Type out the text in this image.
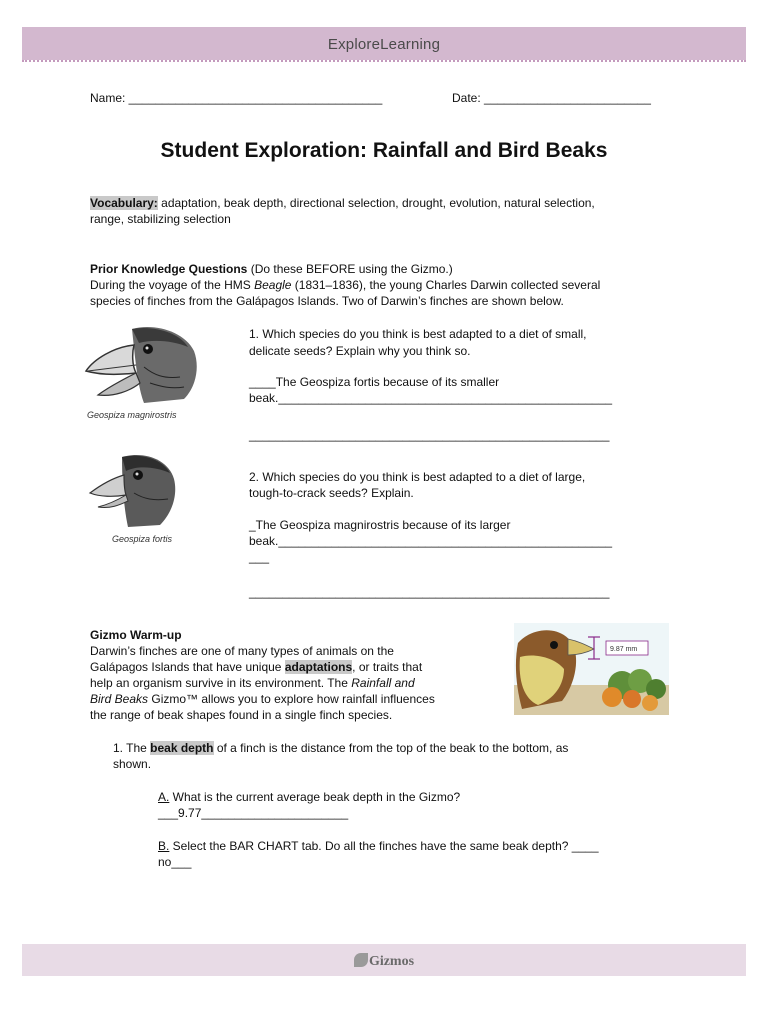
ExploreLearning
Name: ______________________________________	Date: _________________________
Student Exploration: Rainfall and Bird Beaks
Vocabulary: adaptation, beak depth, directional selection, drought, evolution, natural selection,
range, stabilizing selection
Prior Knowledge Questions (Do these BEFORE using the Gizmo.)
During the voyage of the HMS Beagle (1831–1836), the young Charles Darwin collected several
species of finches from the Galápagos Islands. Two of Darwin’s finches are shown below.
Geospiza magnirostris
1. Which species do you think is best adapted to a diet of small,
delicate seeds? Explain why you think so.
____The Geospiza fortis because of its smaller
beak.__________________________________________________
______________________________________________________
Geospiza fortis
2. Which species do you think is best adapted to a diet of large,
tough-to-crack seeds? Explain.
_The Geospiza magnirostris because of its larger
beak.__________________________________________________
___
______________________________________________________
Gizmo Warm-up
Darwin’s finches are one of many types of animals on the
Galápagos Islands that have unique adaptations, or traits that
help an organism survive in its environment. The Rainfall and
Bird Beaks Gizmo™ allows you to explore how rainfall influences
the range of beak shapes found in a single finch species.
9.87 mm
1. The beak depth of a finch is the distance from the top of the beak to the bottom, as
shown.
A. What is the current average beak depth in the Gizmo?
___9.77______________________
B. Select the BAR CHART tab. Do all the finches have the same beak depth? ____
no___
Gizmos
